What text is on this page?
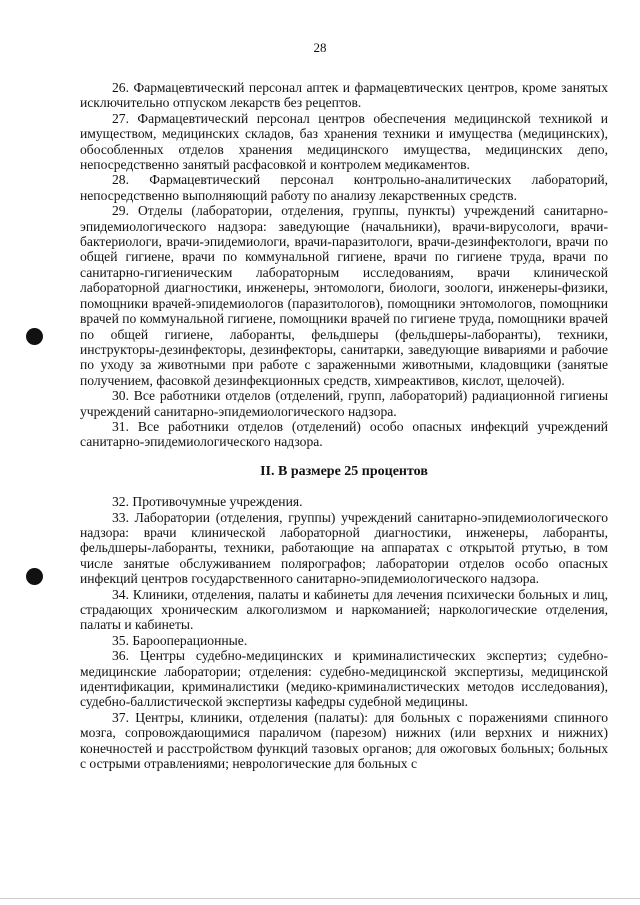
28

26. Фармацевтический персонал аптек и фармацевтических центров, кроме занятых исключительно отпуском лекарств без рецептов.

27. Фармацевтический персонал центров обеспечения медицинской техникой и имуществом, медицинских складов, баз хранения техники и имущества (медицинских), обособленных отделов хранения медицинского имущества, медицинских депо, непосредственно занятый расфасовкой и контролем медикаментов.

28. Фармацевтический персонал контрольно-аналитических лабораторий, непосредственно выполняющий работу по анализу лекарственных средств.

29. Отделы (лаборатории, отделения, группы, пункты) учреждений санитарно-эпидемиологического надзора: заведующие (начальники), врачи-вирусологи, врачи-бактериологи, врачи-эпидемиологи, врачи-паразитологи, врачи-дезинфектологи, врачи по общей гигиене, врачи по коммунальной гигиене, врачи по гигиене труда, врачи по санитарно-гигиеническим лабораторным исследованиям, врачи клинической лабораторной диагностики, инженеры, энтомологи, биологи, зоологи, инженеры-физики, помощники врачей-эпидемиологов (паразитологов), помощники энтомологов, помощники врачей по коммунальной гигиене, помощники врачей по гигиене труда, помощники врачей по общей гигиене, лаборанты, фельдшеры (фельдшеры-лаборанты), техники, инструкторы-дезинфекторы, дезинфекторы, санитарки, заведующие вивариями и рабочие по уходу за животными при работе с зараженными животными, кладовщики (занятые получением, фасовкой дезинфекционных средств, химреактивов, кислот, щелочей).

30. Все работники отделов (отделений, групп, лабораторий) радиационной гигиены учреждений санитарно-эпидемиологического надзора.

31. Все работники отделов (отделений) особо опасных инфекций учреждений санитарно-эпидемиологического надзора.

II. В размере 25 процентов

32. Противочумные учреждения.

33. Лаборатории (отделения, группы) учреждений санитарно-эпидемиологического надзора: врачи клинической лабораторной диагностики, инженеры, лаборанты, фельдшеры-лаборанты, техники, работающие на аппаратах с открытой ртутью, в том числе занятые обслуживанием полярографов; лаборатории отделов особо опасных инфекций центров государственного санитарно-эпидемиологического надзора.

34. Клиники, отделения, палаты и кабинеты для лечения психически больных и лиц, страдающих хроническим алкоголизмом и наркоманией; наркологические отделения, палаты и кабинеты.

35. Бароoперационные.

36. Центры судебно-медицинских и криминалистических экспертиз; судебно-медицинские лаборатории; отделения: судебно-медицинской экспертизы, медицинской идентификации, криминалистики (медико-криминалистических методов исследования), судебно-баллистической экспертизы кафедры судебной медицины.

37. Центры, клиники, отделения (палаты): для больных с поражениями спинного мозга, сопровождающимися параличом (парезом) нижних (или верхних и нижних) конечностей и расстройством функций тазовых органов; для ожоговых больных; больных с острыми отравлениями; неврологические для больных с
